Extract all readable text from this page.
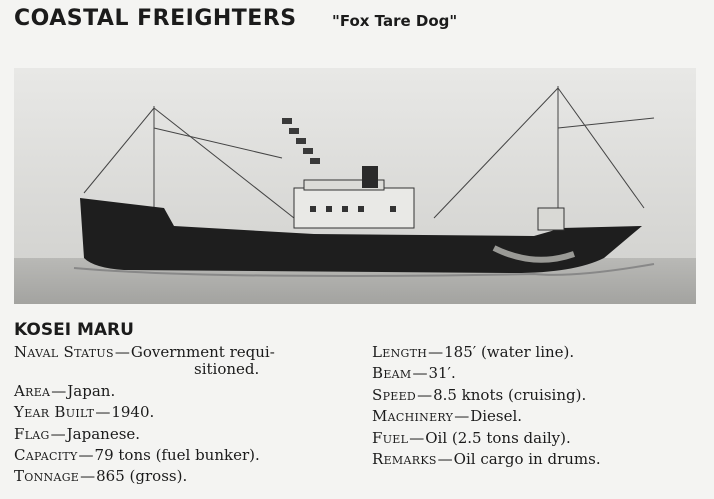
COASTAL FREIGHTERS "Fox Tare Dog"
KOSEI MARU
Naval Status—Government requi-
sitioned.
Area—Japan.
Year Built—1940.
Flag—Japanese.
Capacity—79 tons (fuel bunker).
Tonnage—865 (gross).
Length—185′ (water line).
Beam—31′.
Speed—8.5 knots (cruising).
Machinery—Diesel.
Fuel—Oil (2.5 tons daily).
Remarks—Oil cargo in drums.
